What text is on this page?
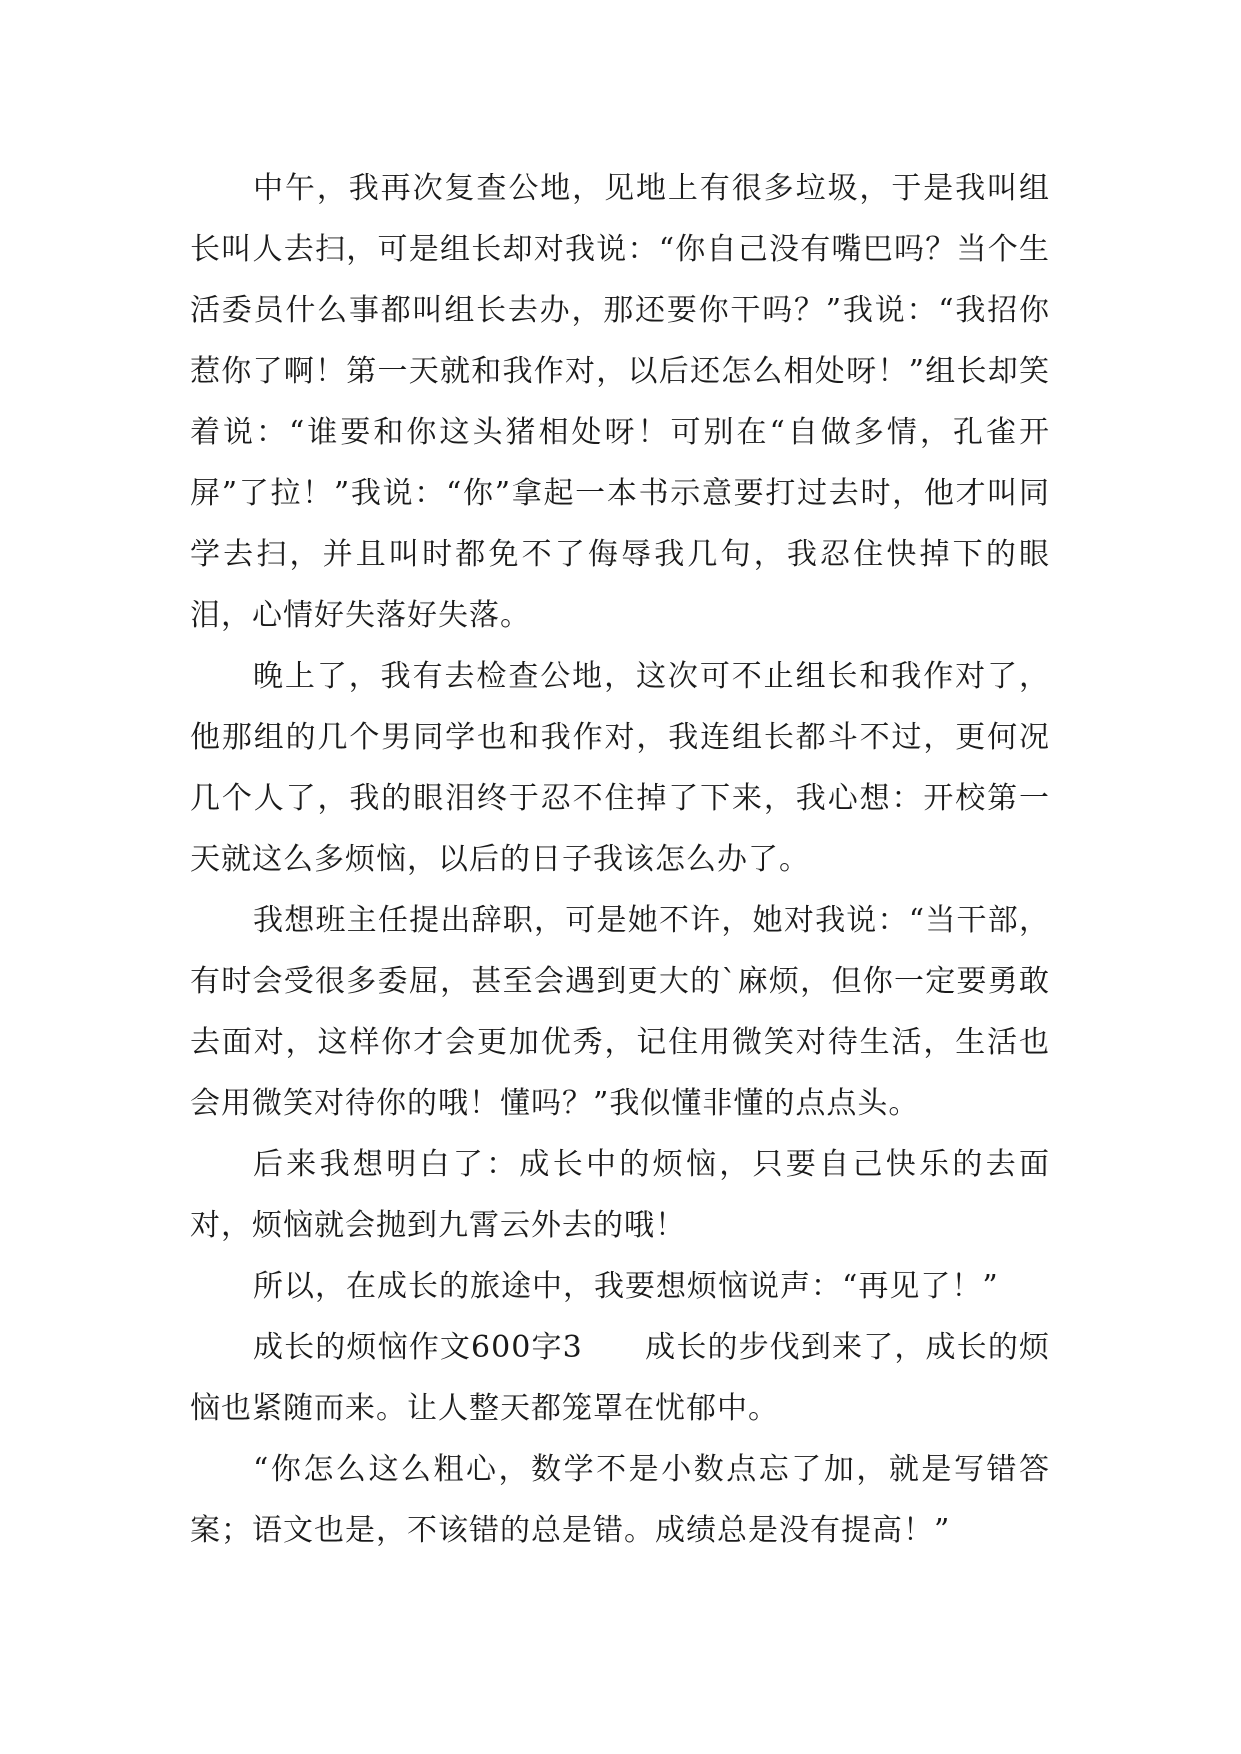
中午，我再次复查公地，见地上有很多垃圾，于是我叫组长叫人去扫，可是组长却对我说：“你自己没有嘴巴吗？当个生活委员什么事都叫组长去办，那还要你干吗？”我说：“我招你惹你了啊！第一天就和我作对，以后还怎么相处呀！”组长却笑着说：“谁要和你这头猪相处呀！可别在“自做多情，孔雀开屏”了拉！”我说：“你”拿起一本书示意要打过去时，他才叫同学去扫，并且叫时都免不了侮辱我几句，我忍住快掉下的眼泪，心情好失落好失落。

晚上了，我有去检查公地，这次可不止组长和我作对了，他那组的几个男同学也和我作对，我连组长都斗不过，更何况几个人了，我的眼泪终于忍不住掉了下来，我心想：开校第一天就这么多烦恼，以后的日子我该怎么办了。

我想班主任提出辞职，可是她不许，她对我说：“当干部，有时会受很多委屈，甚至会遇到更大的`麻烦，但你一定要勇敢去面对，这样你才会更加优秀，记住用微笑对待生活，生活也会用微笑对待你的哦！懂吗？”我似懂非懂的点点头。

后来我想明白了：成长中的烦恼，只要自己快乐的去面对，烦恼就会抛到九霄云外去的哦！

所以，在成长的旅途中，我要想烦恼说声：“再见了！”

成长的烦恼作文600字3　　成长的步伐到来了，成长的烦恼也紧随而来。让人整天都笼罩在忧郁中。

“你怎么这么粗心，数学不是小数点忘了加，就是写错答案；语文也是，不该错的总是错。成绩总是没有提高！”
